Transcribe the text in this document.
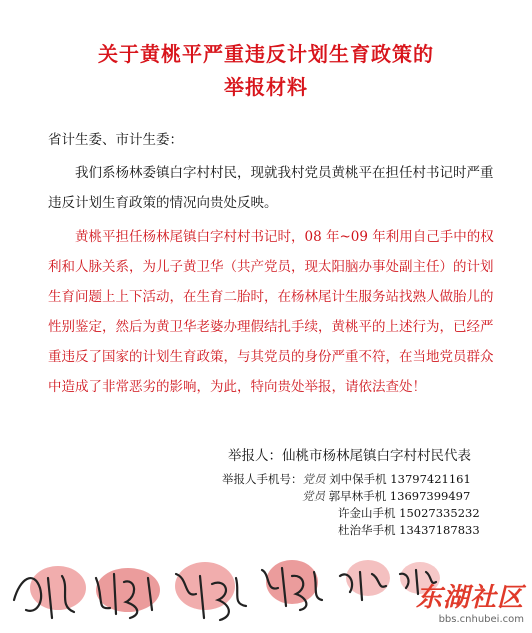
关于黄桃平严重违反计划生育政策的
举报材料
省计生委、市计生委：

我们系杨林委镇白字村村民，现就我村党员黄桃平在担任村书记时严重违反计划生育政策的情况向贵处反映。

黄桃平担任杨林尾镇白字村村书记时，08 年~09 年利用自己手中的权利和人脉关系，为儿子黄卫华（共产党员，现太阳脑办事处副主任）的计划生育问题上上下活动，在生育二胎时，在杨林尾计生服务站找熟人做胎儿的性别鉴定，然后为黄卫华老婆办理假结扎手续，黄桃平的上述行为，已经严重违反了国家的计划生育政策，与其党员的身份严重不符，在当地党员群众中造成了非常恶劣的影响，为此，特向贵处举报，请依法查处！

举报人：仙桃市杨林尾镇白字村村民代表
举报人手机号：党员 刘中保手机 13797421161
党员 郭早林手机 13697399497
许金山手机 15027335232
杜治华手机 13437187833
东湖社区
bbs.cnhubei.com
